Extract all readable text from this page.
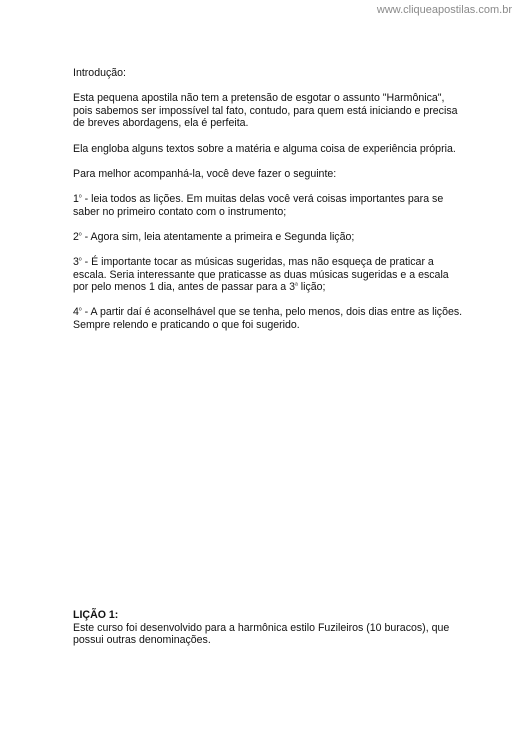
www.cliqueapostilas.com.br

Introdução:

Esta pequena apostila não tem a pretensão de esgotar o assunto "Harmônica", pois sabemos ser impossível tal fato, contudo, para quem está iniciando e precisa de breves abordagens, ela é perfeita.

Ela engloba alguns textos sobre a matéria e alguma coisa de experiência própria.

Para melhor acompanhá-la, você deve fazer o seguinte:

1$^o$ - leia todos as lições. Em muitas delas você verá coisas importantes para se saber no primeiro contato com o instrumento;

2$^o$ - Agora sim, leia atentamente a primeira e Segunda lição;

3$^o$ - É importante tocar as músicas sugeridas, mas não esqueça de praticar a escala. Seria interessante que praticasse as duas músicas sugeridas e a escala por pelo menos 1 dia, antes de passar para a 3$^a$ lição;

4$^o$ - A partir daí é aconselhável que se tenha, pelo menos, dois dias entre as lições. Sempre relendo e praticando o que foi sugerido.

LIÇÃO 1:
Este curso foi desenvolvido para a harmônica estilo Fuzileiros (10 buracos), que possui outras denominações.
